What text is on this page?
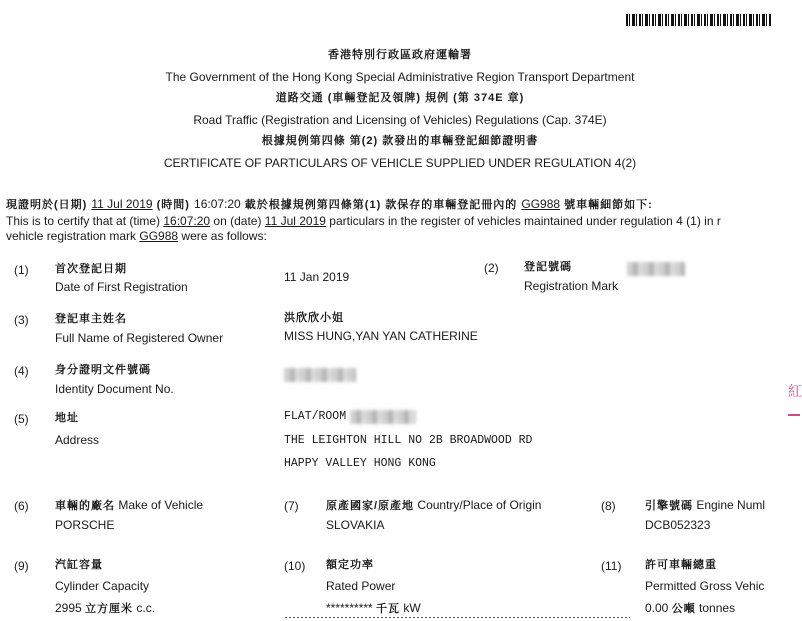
香港特別行政區政府運輸署
The Government of the Hong Kong Special Administrative Region Transport Department
道路交通 (車輛登記及領牌) 規例 (第 374E 章)
Road Traffic (Registration and Licensing of Vehicles) Regulations (Cap. 374E)
根據規例第四條 第(2) 款發出的車輛登記細節證明書
CERTIFICATE OF PARTICULARS OF VEHICLE SUPPLIED UNDER REGULATION 4(2)
現證明於(日期) 11 Jul 2019 (時間) 16:07:20 載於根據規例第四條第(1) 款保存的車輛登記冊內的 GG988 號車輛細節如下:
This is to certify that at (time) 16:07:20 on (date) 11 Jul 2019 particulars in the register of vehicles maintained under regulation 4 (1) in r
vehicle registration mark GG988 were as follows:
(1) 首次登記日期
Date of First Registration
11 Jan 2019
(2) 登記號碼
Registration Mark
(3) 登記車主姓名
Full Name of Registered Owner
洪欣欣小姐
MISS HUNG,YAN YAN CATHERINE
(4) 身分證明文件號碼
Identity Document No.
(5) 地址
Address
FLAT/ROOM
THE LEIGHTON HILL NO 2B BROADWOOD RD
HAPPY VALLEY HONG KONG
(6) 車輛的廠名 Make of Vehicle
PORSCHE
(7) 原產國家/原產地 Country/Place of Origin
SLOVAKIA
(8)	引擎號碼 Engine Numl
DCB052323
(9) 汽缸容量
Cylinder Capacity
2995 立方厘米 c.c.
(10) 額定功率
Rated Power
********** 千瓦 kW
(11) 許可車輛總重
Permitted Gross Vehic
0.00 公噸 tonnes
紅
